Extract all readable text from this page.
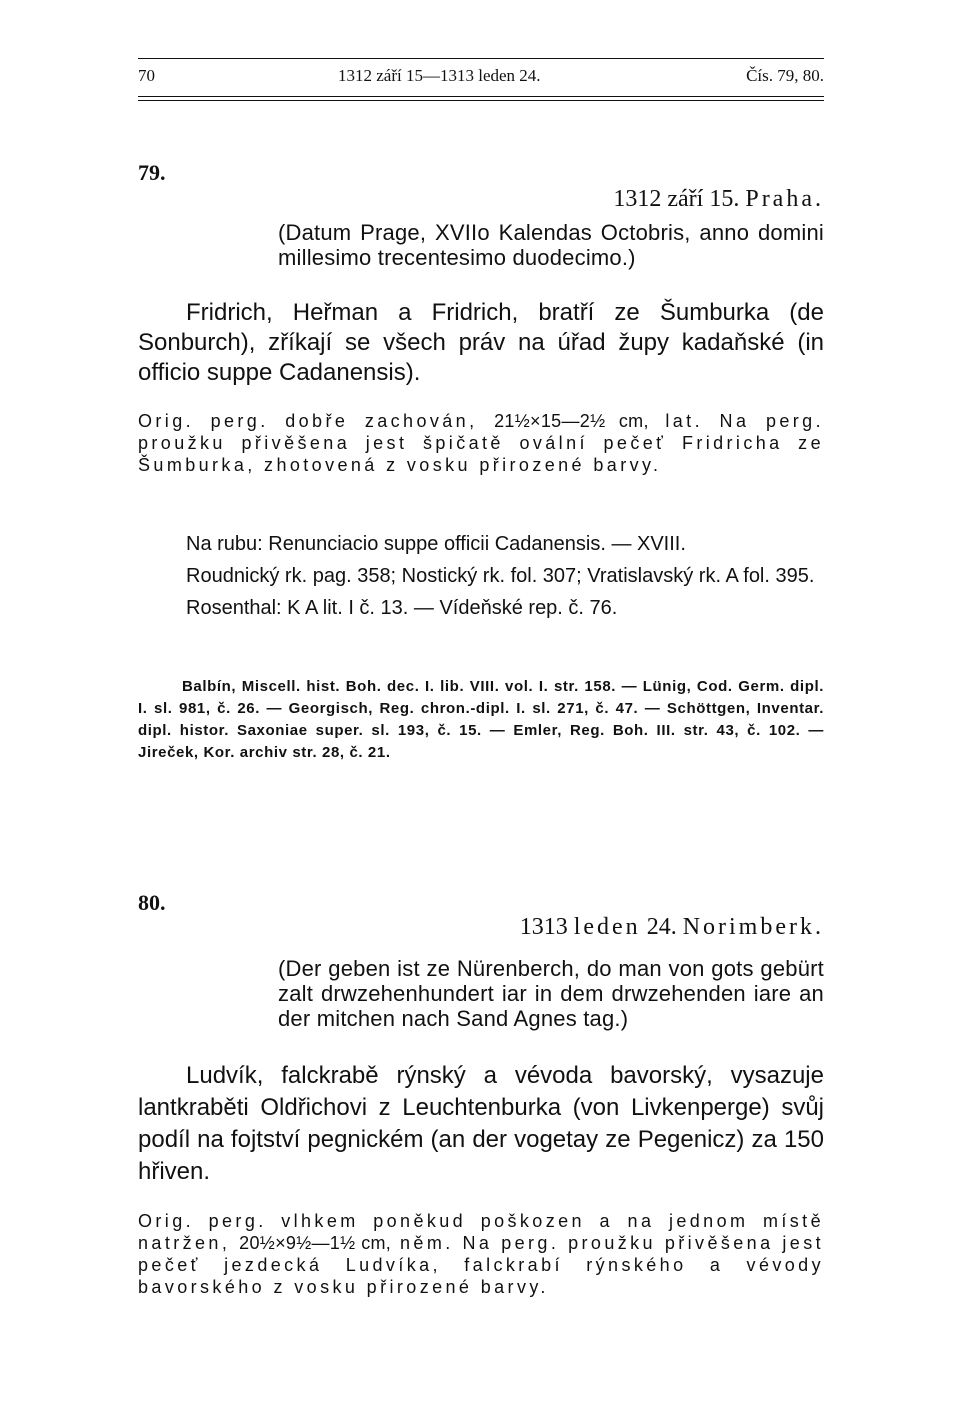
70	1312 září 15—1313 leden 24.	Čís. 79, 80.
79.
1312 září 15. Praha.
(Datum Prage, XVIIo Kalendas Octobris, anno domini millesimo trecentesimo duodecimo.)
Fridrich, Heřman a Fridrich, bratří ze Šumburka (de Sonburch), zříkají se všech práv na úřad župy kadaňské (in officio suppe Cadanensis).
Orig. perg. dobře zachován, 21½×15—2½ cm, lat. Na perg. proužku přivěšena jest špičatě ovální pečeť Fridricha ze Šumburka, zhotovená z vosku přirozené barvy.
Na rubu: Renunciacio suppe officii Cadanensis. — XVIII.
Roudnický rk. pag. 358; Nostický rk. fol. 307; Vratislavský rk. A fol. 395.
Rosenthal: K A lit. I č. 13. — Vídeňské rep. č. 76.
Balbín, Miscell. hist. Boh. dec. I. lib. VIII. vol. I. str. 158. — Lünig, Cod. Germ. dipl. I. sl. 981, č. 26. — Georgisch, Reg. chron.-dipl. I. sl. 271, č. 47. — Schöttgen, Inventar. dipl. histor. Saxoniae super. sl. 193, č. 15. — Emler, Reg. Boh. III. str. 43, č. 102. — Jireček, Kor. archiv str. 28, č. 21.
80.
1313 leden 24. Norimberk.
(Der geben ist ze Nürenberch, do man von gots gebürt zalt drwzehenhundert iar in dem drwzehenden iare an der mitchen nach Sand Agnes tag.)
Ludvík, falckrabě rýnský a vévoda bavorský, vysazuje lantkraběti Oldřichovi z Leuchtenburka (von Livkenperge) svůj podíl na fojtství pegnickém (an der vogetay ze Pegenicz) za 150 hřiven.
Orig. perg. vlhkem poněkud poškozen a na jednom místě natržen, 20½×9½—1½ cm, něm. Na perg. proužku přivěšena jest pečeť jezdecká Ludvíka, falckrabí rýnského a vévody bavorského z vosku přirozené barvy.
